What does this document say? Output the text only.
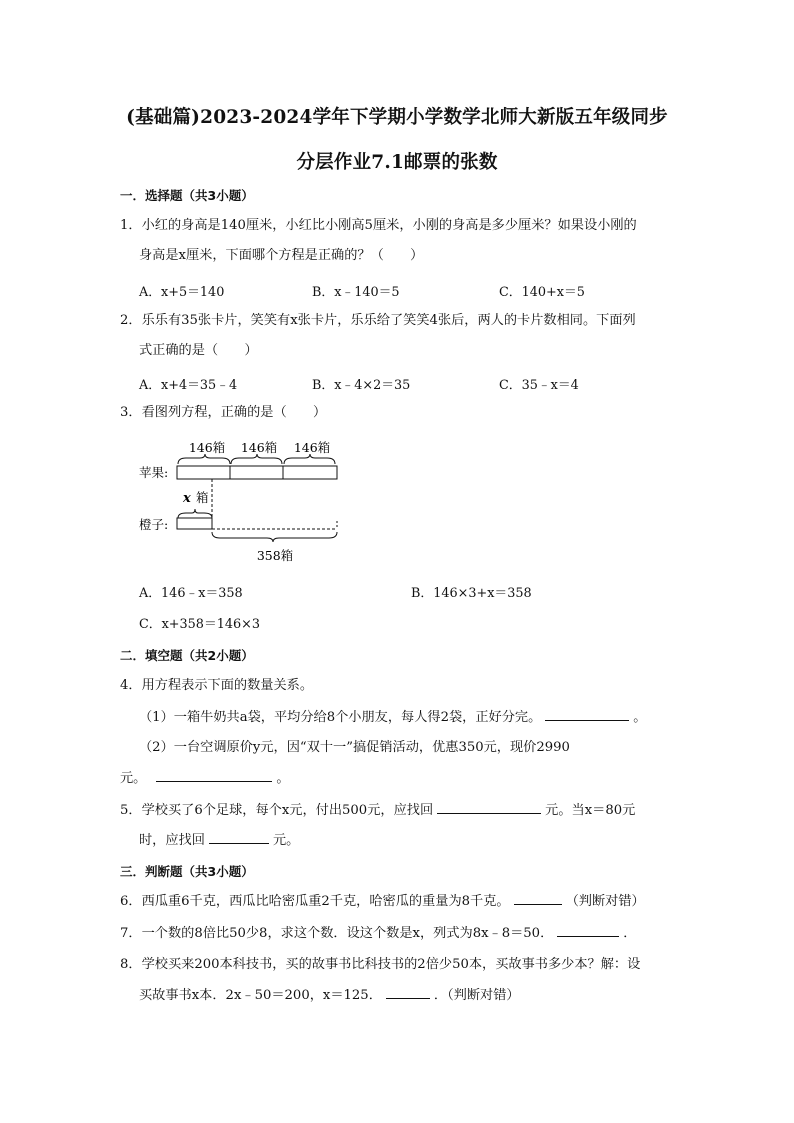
(基础篇)2023-2024学年下学期小学数学北师大新版五年级同步
分层作业7.1邮票的张数
一．选择题（共3小题）
1．小红的身高是140厘米，小红比小刚高5厘米，小刚的身高是多少厘米？如果设小刚的
身高是x厘米，下面哪个方程是正确的？（　　）
A．x+5＝140	B．x﹣140＝5	C．140+x＝5
2．乐乐有35张卡片，笑笑有x张卡片，乐乐给了笑笑4张后，两人的卡片数相同。下面列
式正确的是（　　）
A．x+4＝35﹣4	B．x﹣4×2＝35	C．35﹣x＝4
3．看图列方程，正确的是（　　）
146箱 146箱 146箱
苹果:
x 箱
橙子:
358箱
A．146﹣x＝358	B．146×3+x＝358
C．x+358＝146×3
二．填空题（共2小题）
4．用方程表示下面的数量关系。
（1）一箱牛奶共a袋，平均分给8个小朋友，每人得2袋，正好分完。	。
（2）一台空调原价y元，因“双十一”搞促销活动，优惠350元，现价2990
元。	。
5．学校买了6个足球，每个x元，付出500元，应找回	元。当x＝80元
时，应找回	元。
三．判断题（共3小题）
6．西瓜重6千克，西瓜比哈密瓜重2千克，哈密瓜的重量为8千克。	（判断对错）
7．一个数的8倍比50少8，求这个数．设这个数是x，列式为8x﹣8＝50．	．
8．学校买来200本科技书，买的故事书比科技书的2倍少50本，买故事书多少本？解：设
买故事书x本．2x﹣50＝200，x＝125．	．（判断对错）
